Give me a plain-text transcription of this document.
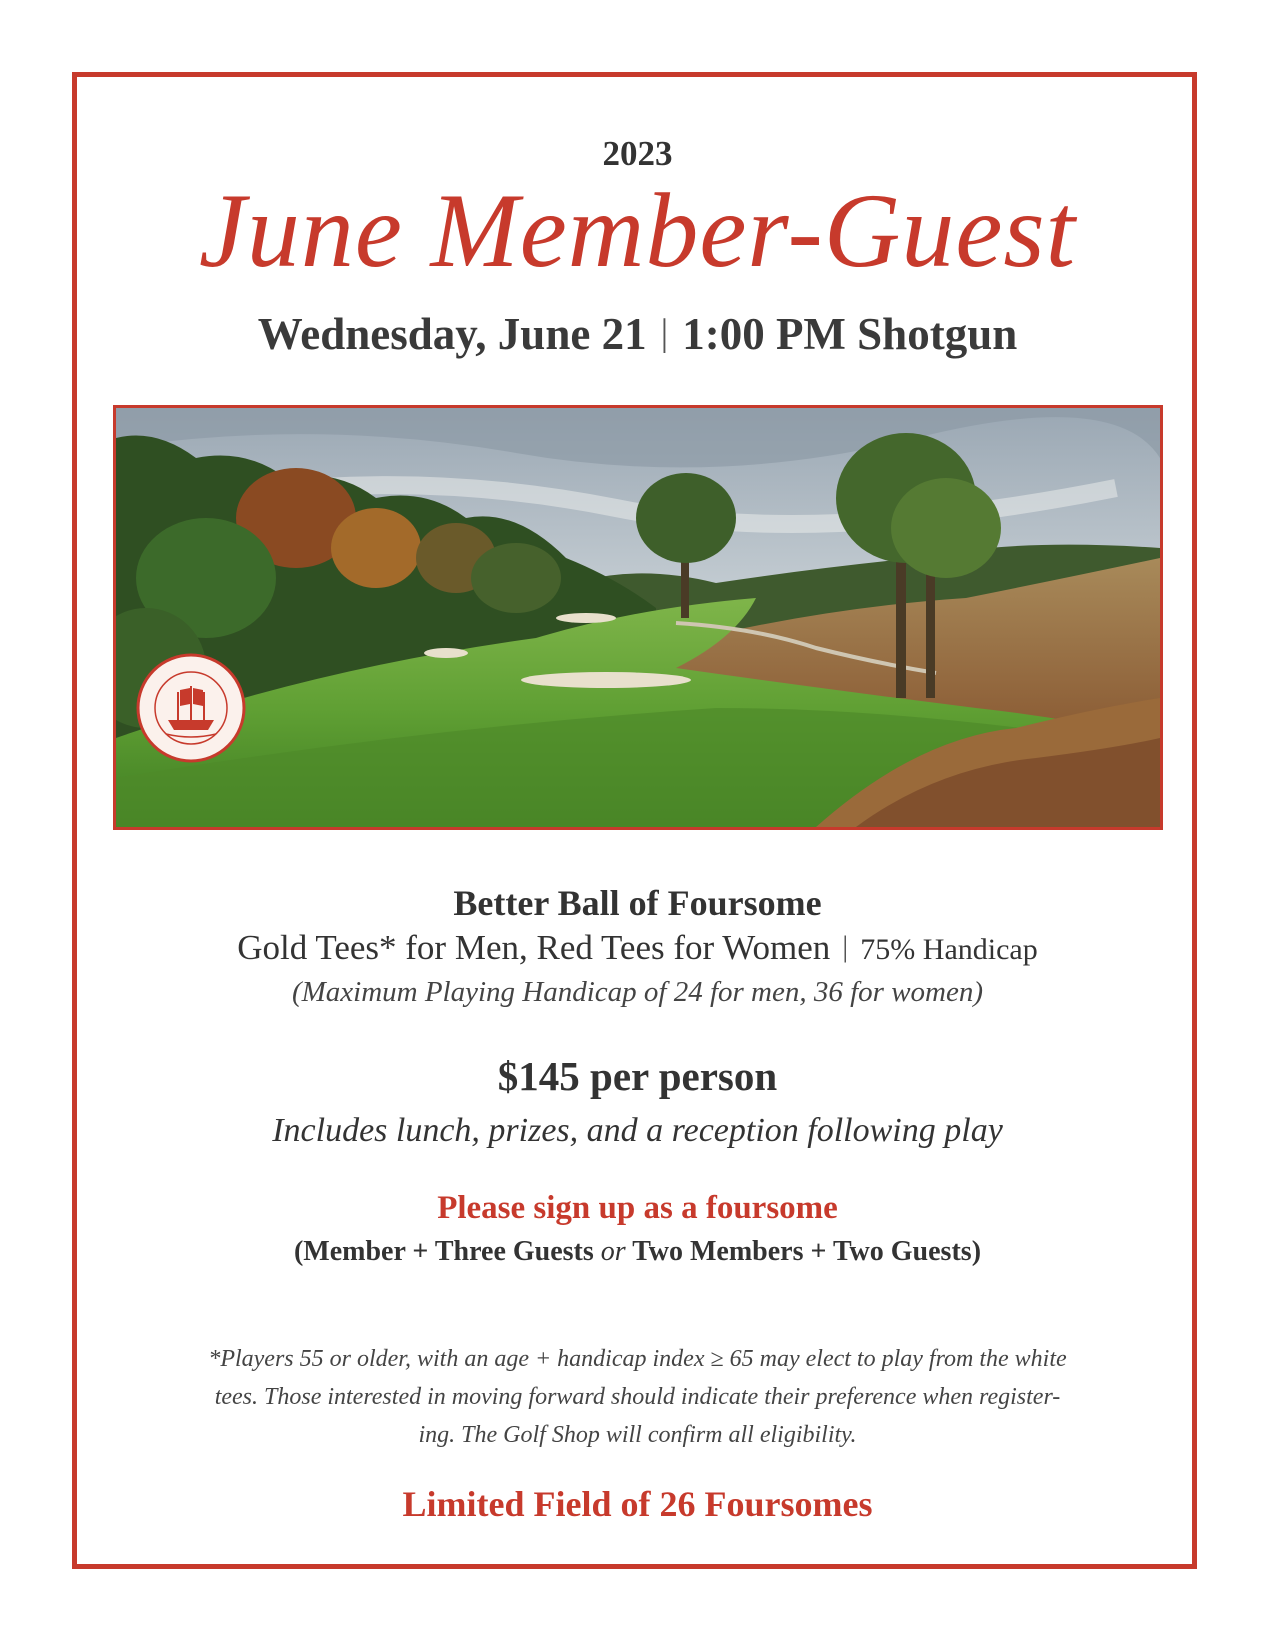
2023
June Member-Guest
Wednesday, June 21 | 1:00 PM Shotgun
Better Ball of Foursome
Gold Tees* for Men, Red Tees for Women | 75% Handicap
(Maximum Playing Handicap of 24 for men, 36 for women)
$145 per person
Includes lunch, prizes, and a reception following play
Please sign up as a foursome
(Member + Three Guests or Two Members + Two Guests)
*Players 55 or older, with an age + handicap index ≥ 65 may elect to play from the white
tees. Those interested in moving forward should indicate their preference when register-
ing. The Golf Shop will confirm all eligibility.
Limited Field of 26 Foursomes
